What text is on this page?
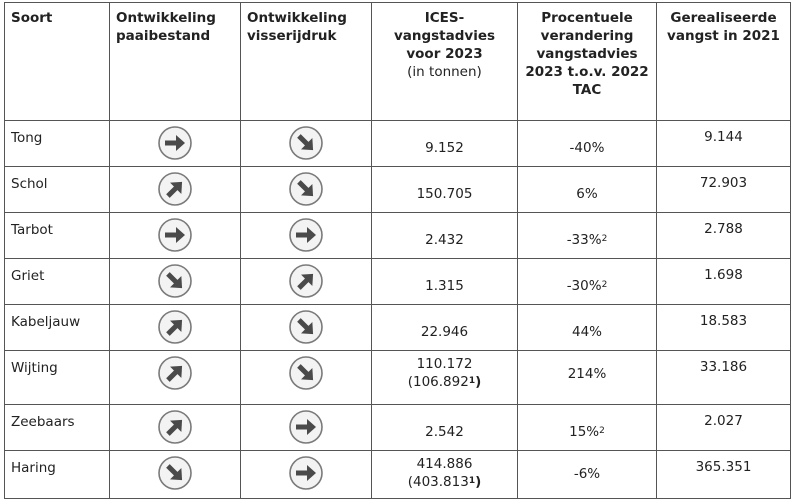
Soort	Ontwikkeling paaibestand	Ontwikkeling visserijdruk	ICES-
vangstadvies
voor 2023
(in tonnen)	Procentuele verandering vangstadvies 2023 t.o.v. 2022 TAC	Gerealiseerde vangst in 2021
Tong			9.152	-40%	9.144
Schol			150.705	6%	72.903
Tarbot			2.432	-33%$^2$	2.788
Griet			1.315	-30%$^2$	1.698
Kabeljauw			22.946	44%	18.583
Wijting			110.172
(106.892$^1$)	214%	33.186
Zeebaars			2.542	15%$^2$	2.027
Haring			414.886
(403.813$^1$)	-6%	365.351
